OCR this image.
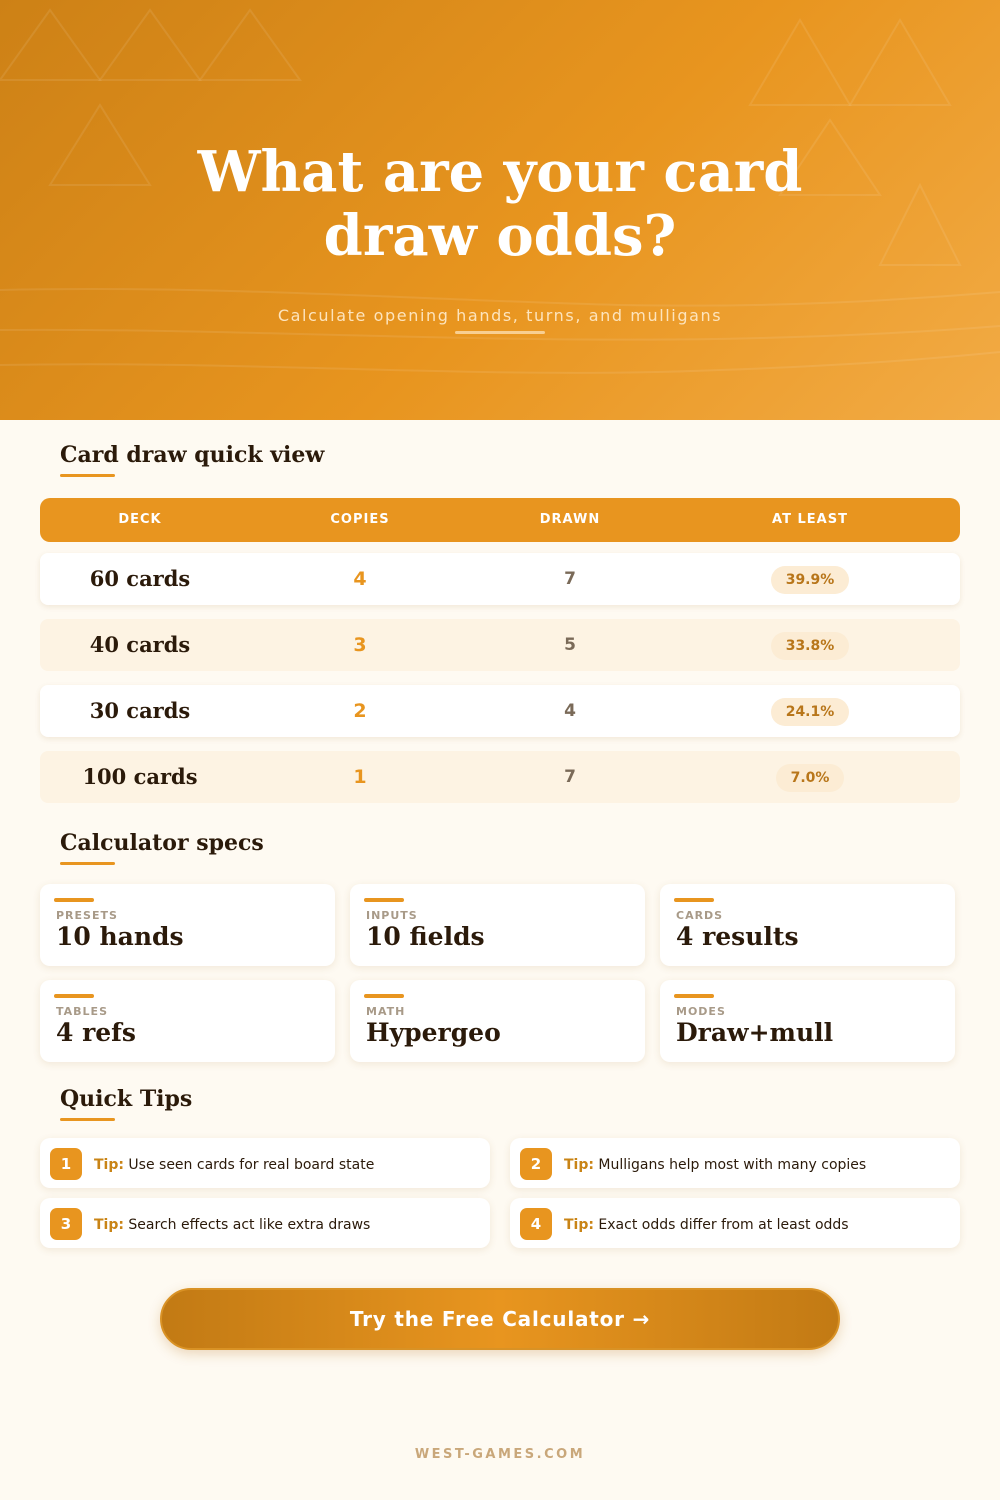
What are your card
draw odds?
Calculate opening hands, turns, and mulligans
Card draw quick view
DECK	COPIES	DRAWN	AT LEAST
60 cards	4	7	39.9%
40 cards	3	5	33.8%
30 cards	2	4	24.1%
100 cards	1	7	7.0%
Calculator specs
PRESETS
10 hands
INPUTS
10 fields
CARDS
4 results
TABLES
4 refs
MATH
Hypergeo
MODES
Draw+mull
Quick Tips
1	Tip: Use seen cards for real board state	2	Tip: Mulligans help most with many copies
3	Tip: Search effects act like extra draws	4	Tip: Exact odds differ from at least odds
Try the Free Calculator →
WEST-GAMES.COM
